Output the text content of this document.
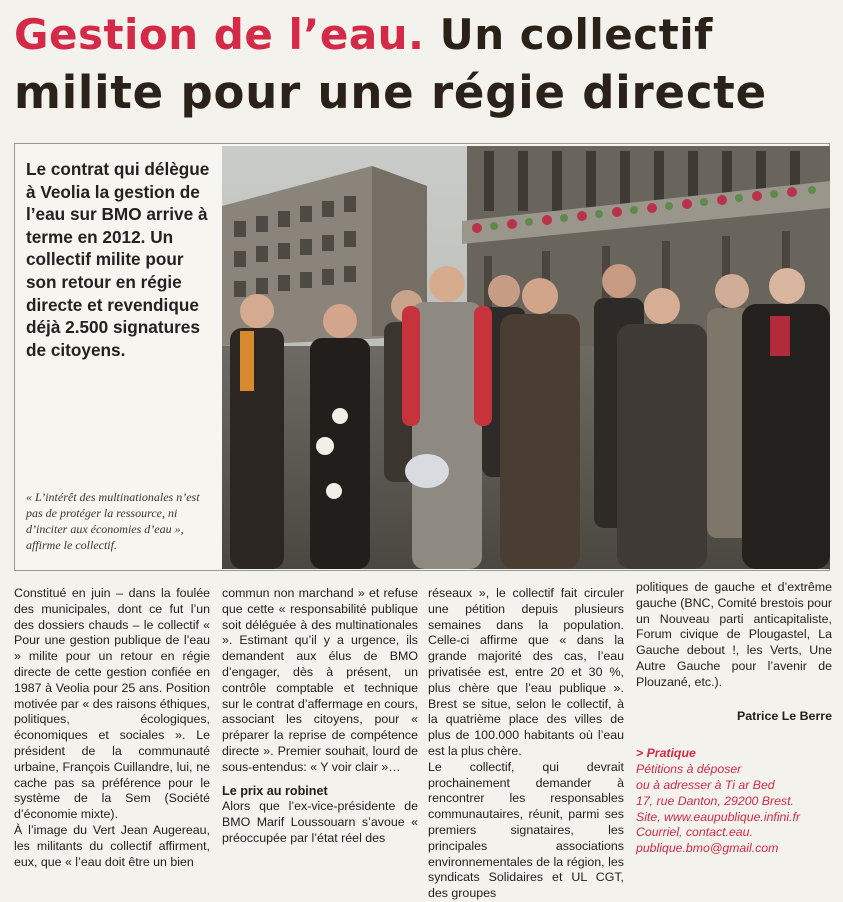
Gestion de l’eau. Un collectif
milite pour une régie directe
Le contrat qui délègue à Veolia la gestion de l’eau sur BMO arrive à terme en 2012. Un collectif milite pour son retour en régie directe et revendique déjà 2.500 signatures de citoyens.
« L’intérêt des multinationales n’est pas de protéger la ressource, ni d’inciter aux économies d’eau », affirme le collectif.

Constitué en juin – dans la foulée des municipales, dont ce fut l’un des dossiers chauds – le collectif « Pour une gestion publique de l’eau » milite pour un retour en régie directe de cette gestion confiée en 1987 à Veolia pour 25 ans. Position motivée par « des raisons éthiques, politiques, écologiques, économiques et sociales ». Le président de la communauté urbaine, François Cuillandre, lui, ne cache pas sa préférence pour le système de la Sem (Société d’économie mixte).

À l’image du Vert Jean Augereau, les militants du collectif affirment, eux, que « l’eau doit être un bien

commun non marchand » et refuse que cette « responsabilité publique soit déléguée à des multinationales ». Estimant qu’il y a urgence, ils demandent aux élus de BMO d’engager, dès à présent, un contrôle comptable et technique sur le contrat d’affermage en cours, associant les citoyens, pour « préparer la reprise de compétence directe ». Premier souhait, lourd de sous-entendus: « Y voir clair »…

Le prix au robinet

Alors que l’ex-vice-présidente de BMO Marif Loussouarn s’avoue « préoccupée par l’état réel des

réseaux », le collectif fait circuler une pétition depuis plusieurs semaines dans la population. Celle-ci affirme que « dans la grande majorité des cas, l’eau privatisée est, entre 20 et 30 %, plus chère que l’eau publique ». Brest se situe, selon le collectif, à la quatrième place des villes de plus de 100.000 habitants où l’eau est la plus chère.

Le collectif, qui devrait prochainement demander à rencontrer les responsables communautaires, réunit, parmi ses premiers signataires, les principales associations environnementales de la région, les syndicats Solidaires et UL CGT, des groupes

politiques de gauche et d’extrême gauche (BNC, Comité brestois pour un Nouveau parti anticapitaliste, Forum civique de Plougastel, La Gauche debout !, les Verts, Une Autre Gauche pour l’avenir de Plouzané, etc.).

Patrice Le Berre

> Pratique
Pétitions à déposer
ou à adresser à Ti ar Bed
17, rue Danton, 29200 Brest.
Site, www.eaupublique.infini.fr
Courriel, contact.eau.
publique.bmo@gmail.com
